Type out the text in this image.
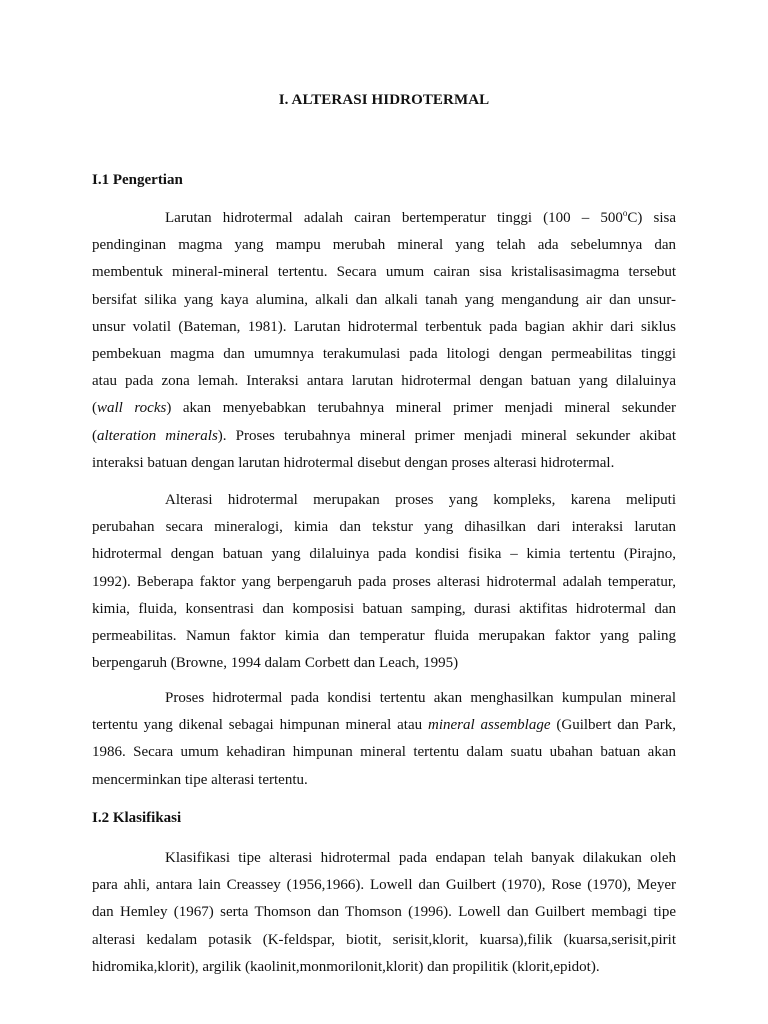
I. ALTERASI HIDROTERMAL
I.1 Pengertian
Larutan hidrotermal adalah cairan bertemperatur tinggi (100 – 500$^o$C) sisa
pendinginan magma yang mampu merubah mineral yang telah ada sebelumnya dan
membentuk mineral-mineral tertentu. Secara umum cairan sisa kristalisasimagma tersebut
bersifat silika yang kaya alumina, alkali dan alkali tanah yang mengandung air dan unsur-
unsur volatil (Bateman, 1981). Larutan hidrotermal terbentuk pada bagian akhir dari siklus
pembekuan magma dan umumnya terakumulasi pada litologi dengan permeabilitas tinggi
atau pada zona lemah. Interaksi antara larutan hidrotermal dengan batuan yang dilaluinya
(wall rocks) akan menyebabkan terubahnya mineral primer menjadi mineral sekunder
(alteration minerals). Proses terubahnya mineral primer menjadi mineral sekunder akibat
interaksi batuan dengan larutan hidrotermal disebut dengan proses alterasi hidrotermal.
Alterasi hidrotermal merupakan proses yang kompleks, karena meliputi
perubahan secara mineralogi, kimia dan tekstur yang dihasilkan dari interaksi larutan
hidrotermal dengan batuan yang dilaluinya pada kondisi fisika – kimia tertentu (Pirajno,
1992). Beberapa faktor yang berpengaruh pada proses alterasi hidrotermal adalah temperatur,
kimia, fluida, konsentrasi dan komposisi batuan samping, durasi aktifitas hidrotermal dan
permeabilitas. Namun faktor kimia dan temperatur fluida merupakan faktor yang paling
berpengaruh (Browne, 1994 dalam Corbett dan Leach, 1995)
Proses hidrotermal pada kondisi tertentu akan menghasilkan kumpulan mineral
tertentu yang dikenal sebagai himpunan mineral atau mineral assemblage (Guilbert dan Park,
1986. Secara umum kehadiran himpunan mineral tertentu dalam suatu ubahan batuan akan
mencerminkan tipe alterasi tertentu.
I.2 Klasifikasi
Klasifikasi tipe alterasi hidrotermal pada endapan telah banyak dilakukan oleh
para ahli, antara lain Creassey (1956,1966). Lowell dan Guilbert (1970), Rose (1970), Meyer
dan Hemley (1967) serta Thomson dan Thomson (1996). Lowell dan Guilbert membagi tipe
alterasi kedalam potasik (K-feldspar, biotit, serisit,klorit, kuarsa),filik (kuarsa,serisit,pirit
hidromika,klorit), argilik (kaolinit,monmorilonit,klorit) dan propilitik (klorit,epidot).
